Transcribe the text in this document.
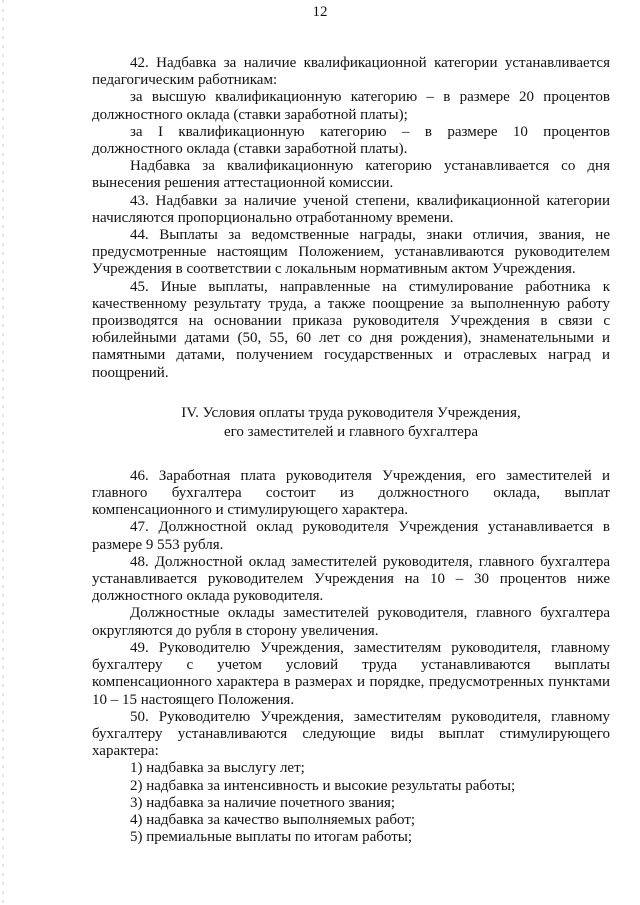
12

42. Надбавка за наличие квалификационной категории устанавливается педагогическим работникам:

за высшую квалификационную категорию – в размере 20 процентов должностного оклада (ставки заработной платы);

за I квалификационную категорию – в размере 10 процентов должностного оклада (ставки заработной платы).

Надбавка за квалификационную категорию устанавливается со дня вынесения решения аттестационной комиссии.

43. Надбавки за наличие ученой степени, квалификационной категории начисляются пропорционально отработанному времени.

44. Выплаты за ведомственные награды, знаки отличия, звания, не предусмотренные настоящим Положением, устанавливаются руководителем Учреждения в соответствии с локальным нормативным актом Учреждения.

45. Иные выплаты, направленные на стимулирование работника к качественному результату труда, а также поощрение за выполненную работу производятся на основании приказа руководителя Учреждения в связи с юбилейными датами (50, 55, 60 лет со дня рождения), знаменательными и памятными датами, получением государственных и отраслевых наград и поощрений.

IV. Условия оплаты труда руководителя Учреждения,
его заместителей и главного бухгалтера

46. Заработная плата руководителя Учреждения, его заместителей и главного бухгалтера состоит из должностного оклада, выплат компенсационного и стимулирующего характера.

47. Должностной оклад руководителя Учреждения устанавливается в размере 9 553 рубля.

48. Должностной оклад заместителей руководителя, главного бухгалтера устанавливается руководителем Учреждения на 10 – 30 процентов ниже должностного оклада руководителя.

Должностные оклады заместителей руководителя, главного бухгалтера округляются до рубля в сторону увеличения.

49. Руководителю Учреждения, заместителям руководителя, главному бухгалтеру с учетом условий труда устанавливаются выплаты компенсационного характера в размерах и порядке, предусмотренных пунктами 10 – 15 настоящего Положения.

50. Руководителю Учреждения, заместителям руководителя, главному бухгалтеру устанавливаются следующие виды выплат стимулирующего характера:

1) надбавка за выслугу лет;

2) надбавка за интенсивность и высокие результаты работы;

3) надбавка за наличие почетного звания;

4) надбавка за качество выполняемых работ;

5) премиальные выплаты по итогам работы;
